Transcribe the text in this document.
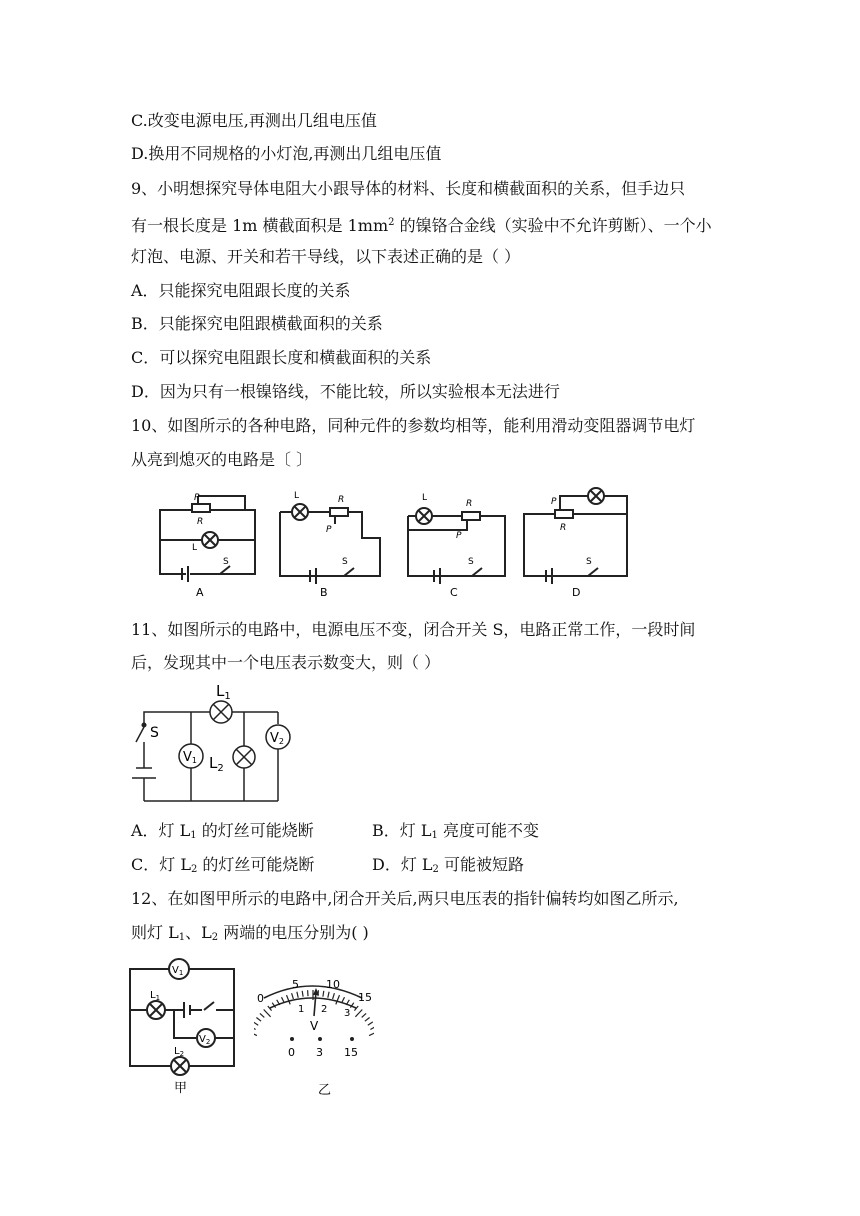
C.改变电源电压,再测出几组电压值
D.换用不同规格的小灯泡,再测出几组电压值
9、小明想探究导体电阻大小跟导体的材料、长度和横截面积的关系，但手边只
有一根长度是 1m 横截面积是 $1mm^2$ 的镍铬合金线（实验中不允许剪断）、一个小
灯泡、电源、开关和若干导线，以下表述正确的是（ ）
A．只能探究电阻跟长度的关系
B．只能探究电阻跟横截面积的关系
C．可以探究电阻跟长度和横截面积的关系
D．因为只有一根镍铬线，不能比较，所以实验根本无法进行
10、如图所示的各种电路，同种元件的参数均相等，能利用滑动变阻器调节电灯
从亮到熄灭的电路是〔 〕
P
R
L
S
A
L	R
P
S
B
L
R
P
S
C
P
R
S
D
11、如图所示的电路中，电源电压不变，闭合开关 S，电路正常工作，一段时间
后，发现其中一个电压表示数变大，则（ ）
S
$L_1$
$L_2$
V1
V2
A．灯 $L_1$ 的灯丝可能烧断	B．灯 $L_1$ 亮度可能不变
C．灯 $L_2$ 的灯丝可能烧断	D．灯 $L_2$ 可能被短路
12、在如图甲所示的电路中,闭合开关后,两只电压表的指针偏转均如图乙所示,
则灯 $L_1$、$L_2$ 两端的电压分别为( )
$V_1$
$V_2$
$L_1$
$L_2$
甲
5 10
15
0
1 2 3
V
0 3 15
乙
